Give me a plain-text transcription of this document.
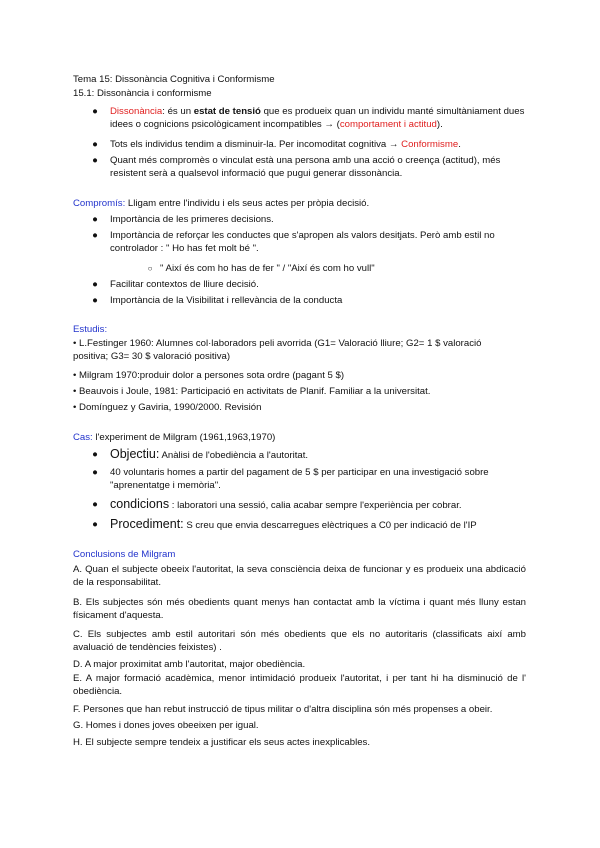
Tema 15: Dissonància Cognitiva i Conformisme
15.1: Dissonància i conformisme
● Dissonància: és un estat de tensió que es produeix quan un individu manté simultàniament dues idees o cognicions psicològicament incompatibles → (comportament i actitud).
● Tots els individus tendim a disminuir-la. Per incomoditat cognitiva → Conformisme.
● Quant més compromès o vinculat està una persona amb una acció o creença (actitud), més resistent serà a qualsevol informació que pugui generar dissonància.
Compromís: Lligam entre l'individu i els seus actes per pròpia decisió.
● Importància de les primeres decisions.
● Importància de reforçar les conductes que s'apropen als valors desitjats. Però amb estil no controlador : " Ho has fet molt bé ".
○ " Així és com ho has de fer " / "Així és com ho vull"
● Facilitar contextos de lliure decisió.
● Importància de la Visibilitat i rellevància de la conducta
Estudis:
• L.Festinger 1960: Alumnes col·laboradors peli avorrida (G1= Valoració lliure; G2= 1 $ valoració positiva; G3= 30 $ valoració positiva)
• Milgram 1970:produir dolor a persones sota ordre (pagant 5 $)
• Beauvois i Joule, 1981: Participació en activitats de Planif. Familiar a la universitat.
• Domínguez y Gaviria, 1990/2000. Revisión
Cas: l'experiment de Milgram (1961,1963,1970)
● Objectiu: Anàlisi de l'obediència a l'autoritat.
● 40 voluntaris homes a partir del pagament de 5 $ per participar en una investigació sobre "aprenentatge i memòria".
● condicions : laboratori una sessió, calia acabar sempre l'experiència per cobrar.
● Procediment: S creu que envia descarregues elèctriques a C0 per indicació de l'IP
Conclusions de Milgram
A. Quan el subjecte obeeix l'autoritat, la seva consciència deixa de funcionar y es produeix una abdicació de la responsabilitat.
B. Els subjectes són més obedients quant menys han contactat amb la víctima i quant més lluny estan físicament d'aquesta.
C. Els subjectes amb estil autoritari són més obedients que els no autoritaris (classificats així amb avaluació de tendències feixistes) .
D. A major proximitat amb l'autoritat, major obediència.
E. A major formació acadèmica, menor intimidació produeix l'autoritat, i per tant hi ha disminució de l' obediència.
F. Persones que han rebut instrucció de tipus militar o d'altra disciplina són més propenses a obeir.
G. Homes i dones joves obeeixen per igual.
H. El subjecte sempre tendeix a justificar els seus actes inexplicables.
